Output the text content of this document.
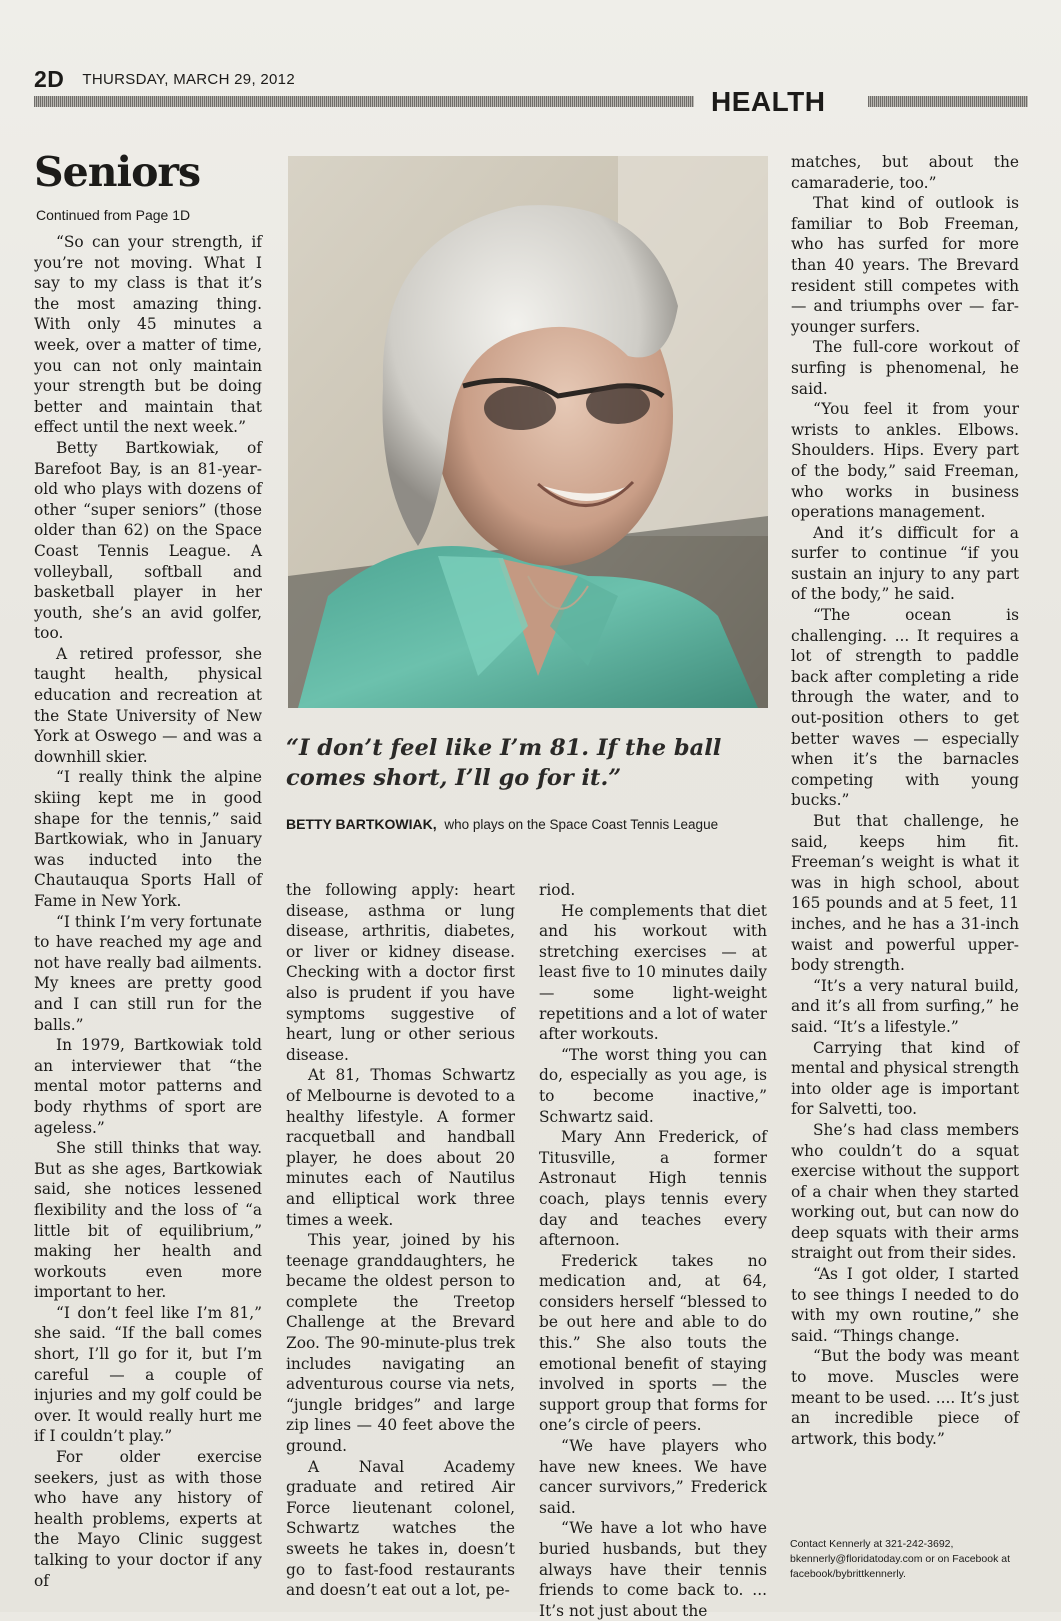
2D THURSDAY, MARCH 29, 2012
HEALTH
Seniors
Continued from Page 1D

“So can your strength, if you’re not moving. What I say to my class is that it’s the most amazing thing. With only 45 minutes a week, over a matter of time, you can not only maintain your strength but be doing better and maintain that effect until the next week.”

Betty Bartkowiak, of Barefoot Bay, is an 81-year-old who plays with dozens of other “super seniors” (those older than 62) on the Space Coast Tennis League. A volleyball, softball and basketball player in her youth, she’s an avid golfer, too.

A retired professor, she taught health, physical education and recreation at the State University of New York at Oswego — and was a downhill skier.

“I really think the alpine skiing kept me in good shape for the tennis,” said Bartkowiak, who in January was inducted into the Chautauqua Sports Hall of Fame in New York.

“I think I’m very fortunate to have reached my age and not have really bad ailments. My knees are pretty good and I can still run for the balls.”

In 1979, Bartkowiak told an interviewer that “the mental motor patterns and body rhythms of sport are ageless.”

She still thinks that way. But as she ages, Bartkowiak said, she notices lessened flexibility and the loss of “a little bit of equilibrium,” making her health and workouts even more important to her.

“I don’t feel like I’m 81,” she said. “If the ball comes short, I’ll go for it, but I’m careful — a couple of injuries and my golf could be over. It would really hurt me if I couldn’t play.”

For older exercise seekers, just as with those who have any history of health problems, experts at the Mayo Clinic suggest talking to your doctor if any of

“I don’t feel like I’m 81. If the ball comes short, I’ll go for it.”
BETTY BARTKOWIAK, who plays on the Space Coast Tennis League

the following apply: heart disease, asthma or lung disease, arthritis, diabetes, or liver or kidney disease. Checking with a doctor first also is prudent if you have symptoms suggestive of heart, lung or other serious disease.

At 81, Thomas Schwartz of Melbourne is devoted to a healthy lifestyle. A former racquetball and handball player, he does about 20 minutes each of Nautilus and elliptical work three times a week.

This year, joined by his teenage granddaughters, he became the oldest person to complete the Treetop Challenge at the Brevard Zoo. The 90-minute-plus trek includes navigating an adventurous course via nets, “jungle bridges” and large zip lines — 40 feet above the ground.

A Naval Academy graduate and retired Air Force lieutenant colonel, Schwartz watches the sweets he takes in, doesn’t go to fast-food restaurants and doesn’t eat out a lot, pe-

riod.

He complements that diet and his workout with stretching exercises — at least five to 10 minutes daily — some light-weight repetitions and a lot of water after workouts.

“The worst thing you can do, especially as you age, is to become inactive,” Schwartz said.

Mary Ann Frederick, of Titusville, a former Astronaut High tennis coach, plays tennis every day and teaches every afternoon.

Frederick takes no medication and, at 64, considers herself “blessed to be out here and able to do this.” She also touts the emotional benefit of staying involved in sports — the support group that forms for one’s circle of peers.

“We have players who have new knees. We have cancer survivors,” Frederick said.

“We have a lot who have buried husbands, but they always have their tennis friends to come back to. ... It’s not just about the

matches, but about the camaraderie, too.”

That kind of outlook is familiar to Bob Freeman, who has surfed for more than 40 years. The Brevard resident still competes with — and triumphs over — far-younger surfers.

The full-core workout of surfing is phenomenal, he said.

“You feel it from your wrists to ankles. Elbows. Shoulders. Hips. Every part of the body,” said Freeman, who works in business operations management.

And it’s difficult for a surfer to continue “if you sustain an injury to any part of the body,” he said.

“The ocean is challenging. ... It requires a lot of strength to paddle back after completing a ride through the water, and to out-position others to get better waves — especially when it’s the barnacles competing with young bucks.”

But that challenge, he said, keeps him fit. Freeman’s weight is what it was in high school, about 165 pounds and at 5 feet, 11 inches, and he has a 31-inch waist and powerful upper-body strength.

“It’s a very natural build, and it’s all from surfing,” he said. “It’s a lifestyle.”

Carrying that kind of mental and physical strength into older age is important for Salvetti, too.

She’s had class members who couldn’t do a squat exercise without the support of a chair when they started working out, but can now do deep squats with their arms straight out from their sides.

“As I got older, I started to see things I needed to do with my own routine,” she said. “Things change.

“But the body was meant to move. Muscles were meant to be used. .... It’s just an incredible piece of artwork, this body.”

Contact Kennerly at 321-242-3692, bkennerly@floridatoday.com or on Facebook at facebook/bybrittkennerly.
